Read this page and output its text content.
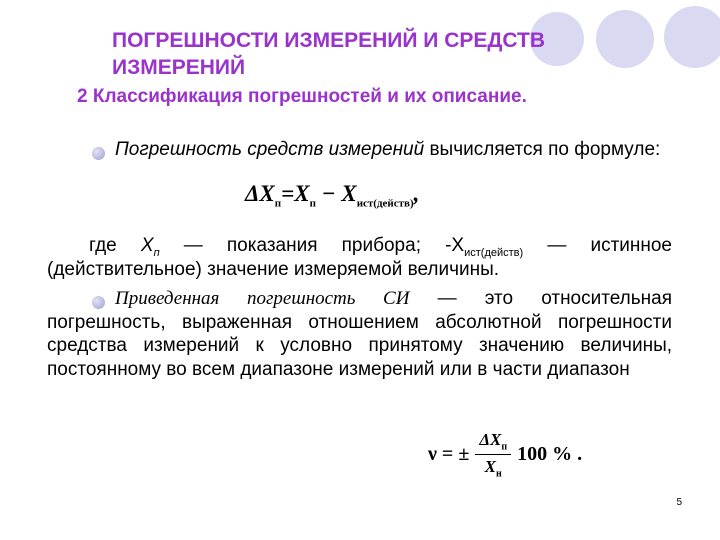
ПОГРЕШНОСТИ ИЗМЕРЕНИЙ И СРЕДСТВ
ИЗМЕРЕНИЙ
2 Классификация погрешностей и их описание.
Погрешность средств измерений вычисляется по формуле:
$\Delta X_п=X_п - X_{ист(действ)}$,
где $X_п$ — показания прибора; $-Х_{ист(действ)}$ — истинное (действительное) значение измеряемой величины.
Приведенная погрешность СИ — это относительная погрешность, выраженная отношением абсолютной погрешности средства измерений к условно принятому значению величины, постоянному во всем диапазоне измерений или в части диапазон
ν = ± $\frac{\Delta X_п}{X_н} 100$ % .
5
